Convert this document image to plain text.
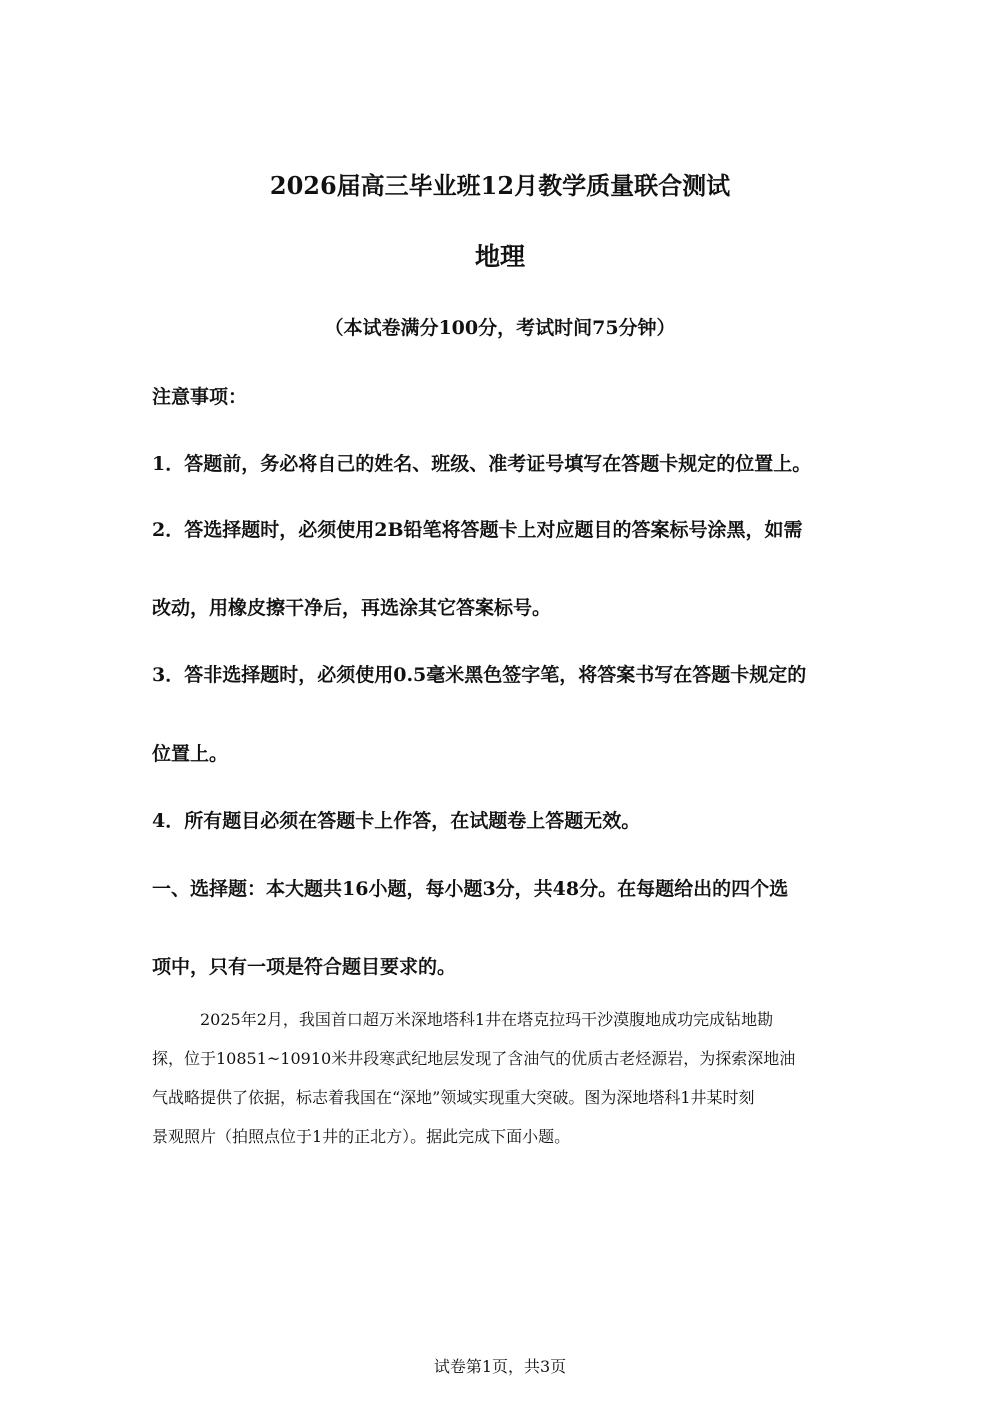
2026届高三毕业班12月教学质量联合测试
地理
（本试卷满分100分，考试时间75分钟）
注意事项：
1．答题前，务必将自己的姓名、班级、准考证号填写在答题卡规定的位置上。
2．答选择题时，必须使用2B铅笔将答题卡上对应题目的答案标号涂黑，如需
改动，用橡皮擦干净后，再选涂其它答案标号。
3．答非选择题时，必须使用0.5毫米黑色签字笔，将答案书写在答题卡规定的
位置上。
4．所有题目必须在答题卡上作答，在试题卷上答题无效。
一、选择题：本大题共16小题，每小题3分，共48分。在每题给出的四个选
项中，只有一项是符合题目要求的。
2025年2月，我国首口超万米深地塔科1井在塔克拉玛干沙漠腹地成功完成钻地勘
探，位于10851~10910米井段寒武纪地层发现了含油气的优质古老烃源岩，为探索深地油
气战略提供了依据，标志着我国在“深地”领域实现重大突破。图为深地塔科1井某时刻
景观照片（拍照点位于1井的正北方）。据此完成下面小题。
试卷第1页，共3页
